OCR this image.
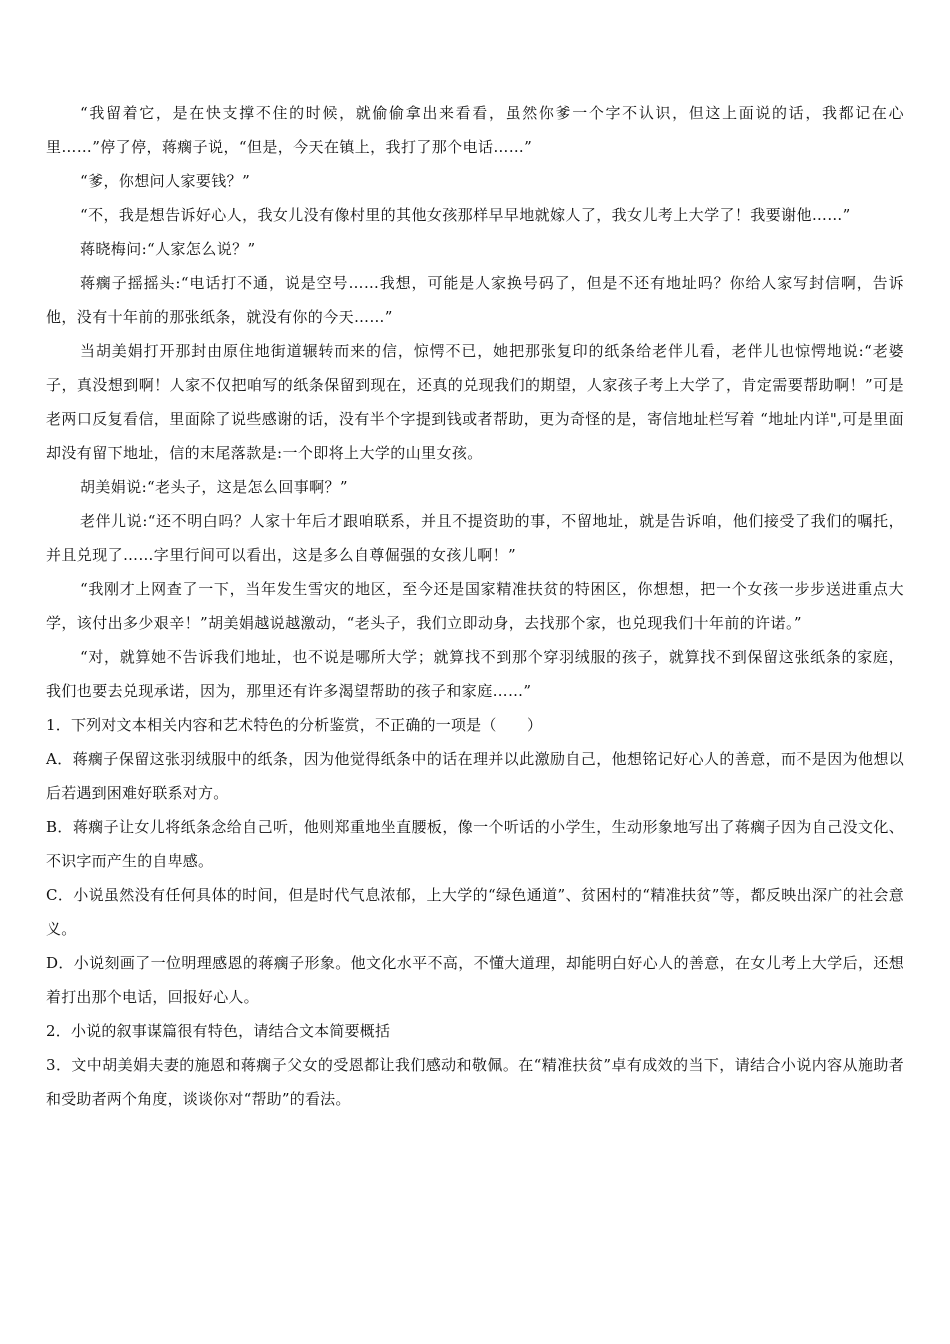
“我留着它，是在快支撑不住的时候，就偷偷拿出来看看，虽然你爹一个字不认识，但这上面说的话，我都记在心里……”停了停，蒋瘸子说，“但是，今天在镇上，我打了那个电话……”

“爹，你想问人家要钱？”

“不，我是想告诉好心人，我女儿没有像村里的其他女孩那样早早地就嫁人了，我女儿考上大学了！我要谢他……”

蒋晓梅问:“人家怎么说？”

蒋瘸子摇摇头:“电话打不通，说是空号……我想，可能是人家换号码了，但是不还有地址吗？你给人家写封信啊，告诉他，没有十年前的那张纸条，就没有你的今天……”

当胡美娟打开那封由原住地街道辗转而来的信，惊愕不已，她把那张复印的纸条给老伴儿看，老伴儿也惊愕地说:“老婆子，真没想到啊！人家不仅把咱写的纸条保留到现在，还真的兑现我们的期望，人家孩子考上大学了，肯定需要帮助啊！”可是老两口反复看信，里面除了说些感谢的话，没有半个字提到钱或者帮助，更为奇怪的是，寄信地址栏写着 “地址内详",可是里面却没有留下地址，信的末尾落款是:一个即将上大学的山里女孩。

胡美娟说:“老头子，这是怎么回事啊？”

老伴儿说:“还不明白吗？人家十年后才跟咱联系，并且不提资助的事，不留地址，就是告诉咱，他们接受了我们的嘱托， 并且兑现了……字里行间可以看出，这是多么自尊倔强的女孩儿啊！”

“我刚才上网查了一下，当年发生雪灾的地区，至今还是国家精准扶贫的特困区，你想想，把一个女孩一步步送进重点大学，该付出多少艰辛！”胡美娟越说越激动，“老头子，我们立即动身，去找那个家，也兑现我们十年前的许诺。”

“对，就算她不告诉我们地址，也不说是哪所大学；就算找不到那个穿羽绒服的孩子，就算找不到保留这张纸条的家庭，我们也要去兑现承诺，因为，那里还有许多渴望帮助的孩子和家庭……”

1．下列对文本相关内容和艺术特色的分析鉴赏，不正确的一项是（　　）

A．蒋瘸子保留这张羽绒服中的纸条，因为他觉得纸条中的话在理并以此激励自己，他想铭记好心人的善意，而不是因为他想以后若遇到困难好联系对方。

B．蒋瘸子让女儿将纸条念给自己听，他则郑重地坐直腰板，像一个听话的小学生，生动形象地写出了蒋瘸子因为自己没文化、不识字而产生的自卑感。

C．小说虽然没有任何具体的时间，但是时代气息浓郁，上大学的“绿色通道”、贫困村的“精准扶贫”等，都反映出深广的社会意义。

D．小说刻画了一位明理感恩的蒋瘸子形象。他文化水平不高，不懂大道理，却能明白好心人的善意，在女儿考上大学后，还想着打出那个电话，回报好心人。

2．小说的叙事谋篇很有特色，请结合文本简要概括

3．文中胡美娟夫妻的施恩和蒋瘸子父女的受恩都让我们感动和敬佩。在“精准扶贫”卓有成效的当下，请结合小说内容从施助者和受助者两个角度，谈谈你对“帮助”的看法。
